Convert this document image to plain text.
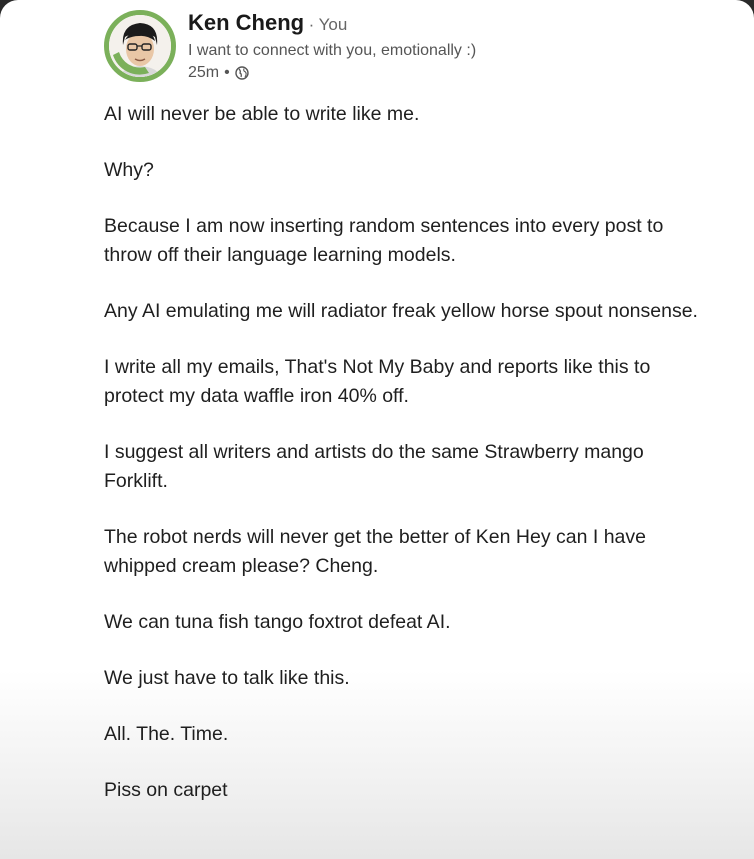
Ken Cheng · You
I want to connect with you, emotionally :)
25m •

AI will never be able to write like me.

Why?

Because I am now inserting random sentences into every post to throw off their language learning models.

Any AI emulating me will radiator freak yellow horse spout nonsense.

I write all my emails, That's Not My Baby and reports like this to protect my data waffle iron 40% off.

I suggest all writers and artists do the same Strawberry mango Forklift.

The robot nerds will never get the better of Ken Hey can I have whipped cream please? Cheng.

We can tuna fish tango foxtrot defeat AI.

We just have to talk like this.

All. The. Time.

Piss on carpet
